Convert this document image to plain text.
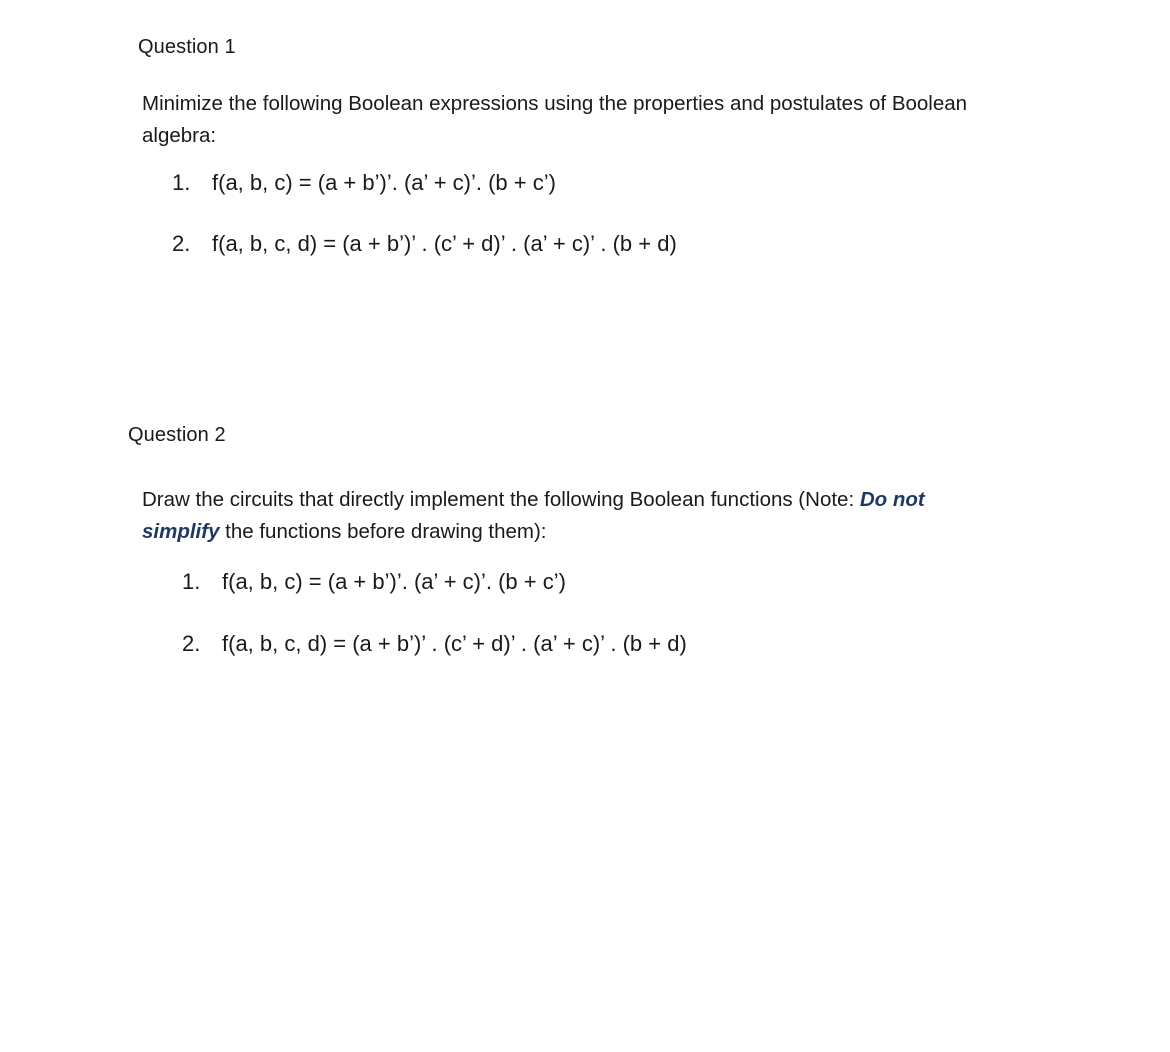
Question 1
Minimize the following Boolean expressions using the properties and postulates of Boolean
algebra:
1. f(a, b, c) = (a + b’)’. (a’ + c)’. (b + c’)
2. f(a, b, c, d) = (a + b’)’ . (c’ + d)’ . (a’ + c)’ . (b + d)
Question 2
Draw the circuits that directly implement the following Boolean functions (Note: Do not
simplify the functions before drawing them):
1. f(a, b, c) = (a + b’)’. (a’ + c)’. (b + c’)
2. f(a, b, c, d) = (a + b’)’ . (c’ + d)’ . (a’ + c)’ . (b + d)
